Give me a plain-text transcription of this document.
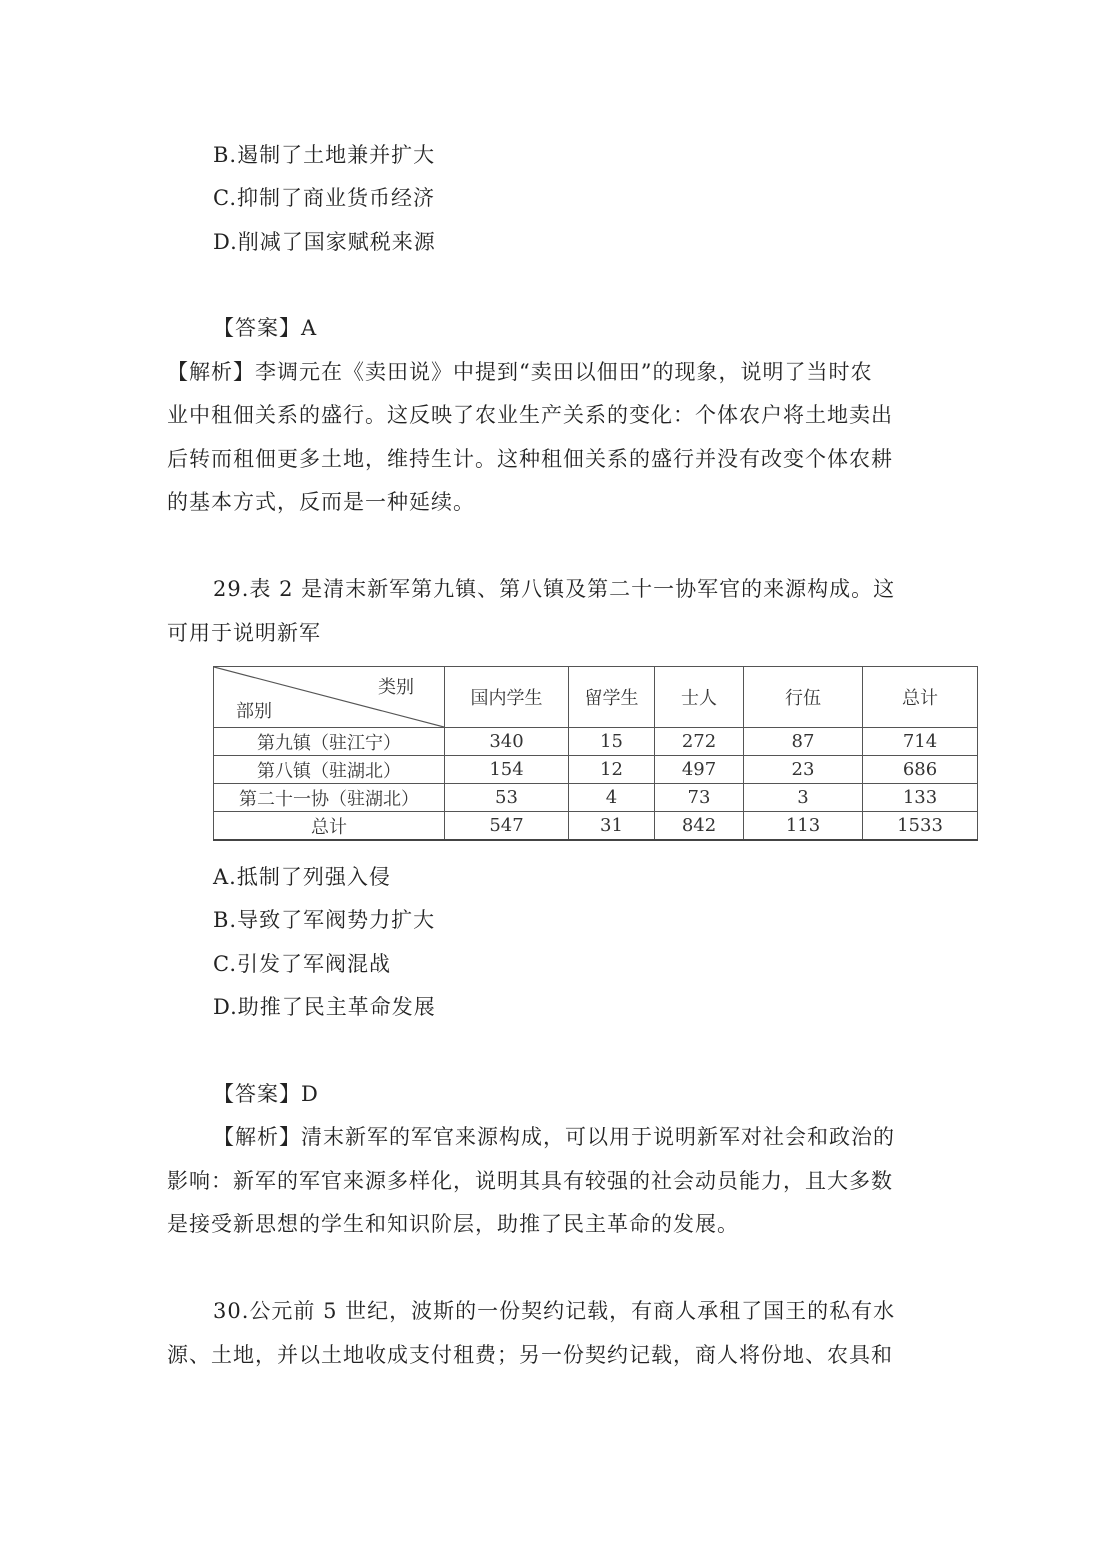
B.遏制了土地兼并扩大
C.抑制了商业货币经济
D.削减了国家赋税来源
【答案】A
【解析】李调元在《卖田说》中提到“卖田以佃田”的现象，说明了当时农
业中租佃关系的盛行。这反映了农业生产关系的变化：个体农户将土地卖出
后转而租佃更多土地，维持生计。这种租佃关系的盛行并没有改变个体农耕
的基本方式，反而是一种延续。
29.表 2 是清末新军第九镇、第八镇及第二十一协军官的来源构成。这
可用于说明新军
类别
部别	国内学生	留学生	士人	行伍	总计
第九镇（驻江宁）	340	15	272	87	714
第八镇（驻湖北）	154	12	497	23	686
第二十一协（驻湖北）	53	4	73	3	133
总计	547	31	842	113	1533
A.抵制了列强入侵
B.导致了军阀势力扩大
C.引发了军阀混战
D.助推了民主革命发展
【答案】D
【解析】清末新军的军官来源构成，可以用于说明新军对社会和政治的
影响：新军的军官来源多样化，说明其具有较强的社会动员能力，且大多数
是接受新思想的学生和知识阶层，助推了民主革命的发展。
30.公元前 5 世纪，波斯的一份契约记载，有商人承租了国王的私有水
源、土地，并以土地收成支付租费；另一份契约记载，商人将份地、农具和
